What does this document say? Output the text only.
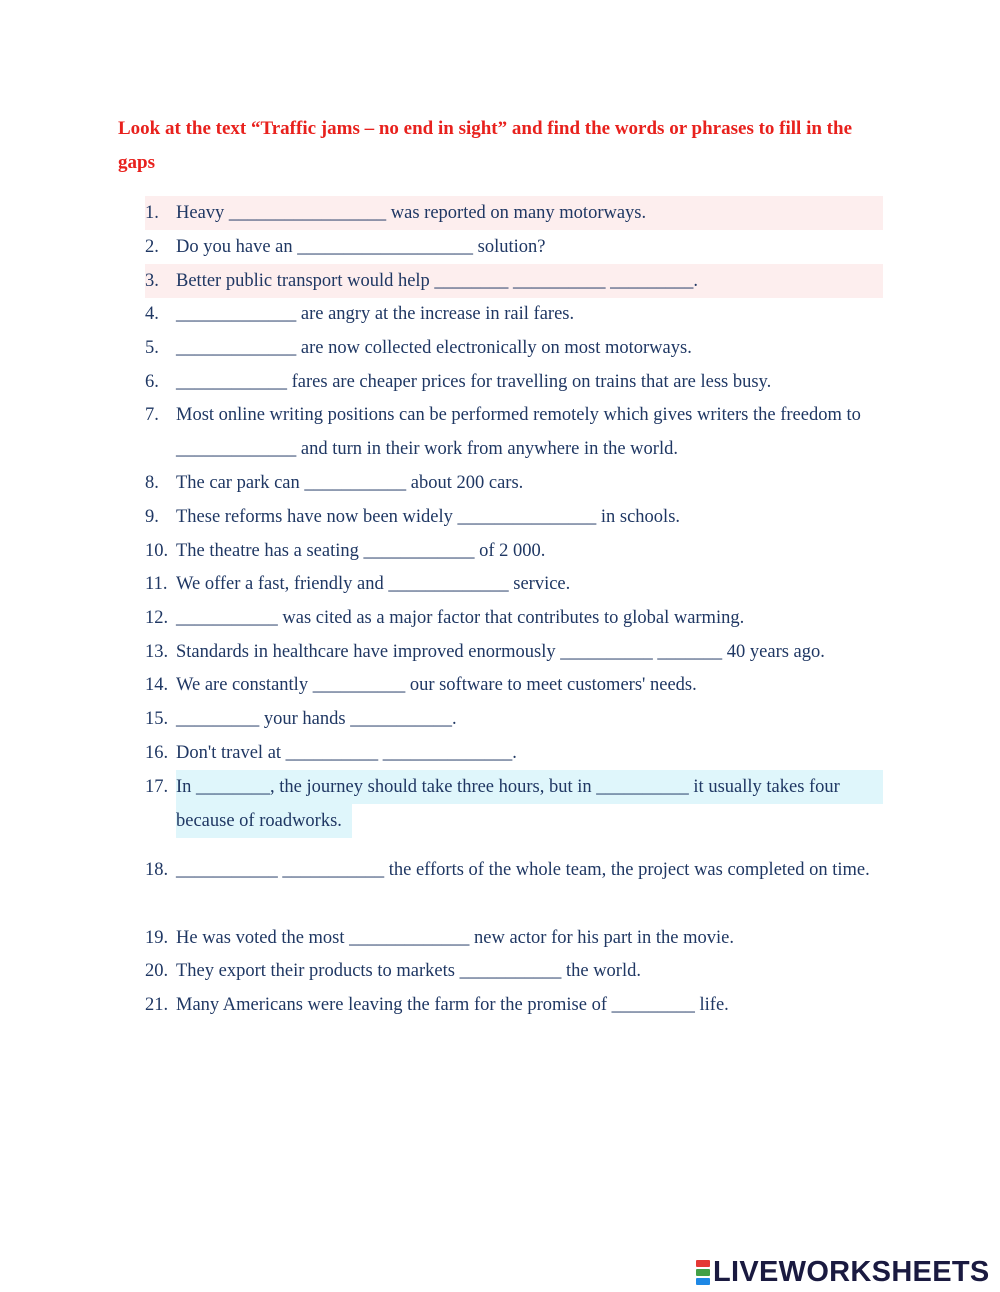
Look at the text “Traffic jams – no end in sight” and find the words or phrases to fill in the gaps
1. Heavy _________________ was reported on many motorways.
2. Do you have an ___________________ solution?
3. Better public transport would help ________ __________ _________.
4. _____________ are angry at the increase in rail fares.
5. _____________ are now collected electronically on most motorways.
6. ____________ fares are cheaper prices for travelling on trains that are less busy.
7. Most online writing positions can be performed remotely which gives writers the freedom to _____________ and turn in their work from anywhere in the world.
8. The car park can ___________ about 200 cars.
9. These reforms have now been widely _______________ in schools.
10. The theatre has a seating ____________ of 2 000.
11. We offer a fast, friendly and _____________ service.
12. ___________ was cited as a major factor that contributes to global warming.
13. Standards in healthcare have improved enormously __________ _______ 40 years ago.
14. We are constantly __________ our software to meet customers' needs.
15. _________ your hands ___________.
16. Don't travel at __________ ______________.
17. In ________, the journey should take three hours, but in __________ it usually takes four because of roadworks.
18. ___________ ___________ the efforts of the whole team, the project was completed on time.
19. He was voted the most _____________ new actor for his part in the movie.
20. They export their products to markets ___________ the world.
21. Many Americans were leaving the farm for the promise of _________ life.
LIVEWORKSHEETS
